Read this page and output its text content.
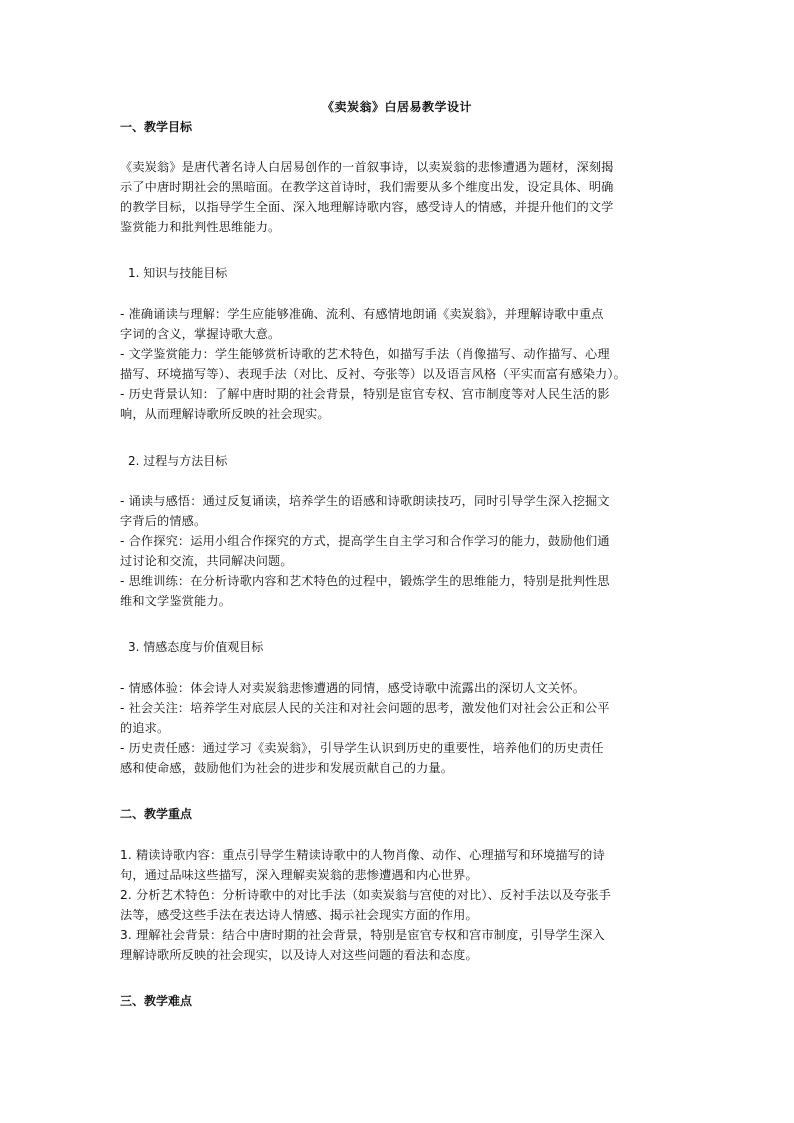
《卖炭翁》白居易教学设计
一、教学目标
《卖炭翁》是唐代著名诗人白居易创作的一首叙事诗，以卖炭翁的悲惨遭遇为题材，深刻揭
示了中唐时期社会的黑暗面。在教学这首诗时，我们需要从多个维度出发，设定具体、明确
的教学目标，以指导学生全面、深入地理解诗歌内容，感受诗人的情感，并提升他们的文学
鉴赏能力和批判性思维能力。
1. 知识与技能目标
- 准确诵读与理解：学生应能够准确、流利、有感情地朗诵《卖炭翁》，并理解诗歌中重点
字词的含义，掌握诗歌大意。
- 文学鉴赏能力：学生能够赏析诗歌的艺术特色，如描写手法（肖像描写、动作描写、心理
描写、环境描写等）、表现手法（对比、反衬、夸张等）以及语言风格（平实而富有感染力）。
- 历史背景认知：了解中唐时期的社会背景，特别是宦官专权、宫市制度等对人民生活的影
响，从而理解诗歌所反映的社会现实。
2. 过程与方法目标
- 诵读与感悟：通过反复诵读，培养学生的语感和诗歌朗读技巧，同时引导学生深入挖掘文
字背后的情感。
- 合作探究：运用小组合作探究的方式，提高学生自主学习和合作学习的能力，鼓励他们通
过讨论和交流，共同解决问题。
- 思维训练：在分析诗歌内容和艺术特色的过程中，锻炼学生的思维能力，特别是批判性思
维和文学鉴赏能力。
3. 情感态度与价值观目标
- 情感体验：体会诗人对卖炭翁悲惨遭遇的同情，感受诗歌中流露出的深切人文关怀。
- 社会关注：培养学生对底层人民的关注和对社会问题的思考，激发他们对社会公正和公平
的追求。
- 历史责任感：通过学习《卖炭翁》，引导学生认识到历史的重要性，培养他们的历史责任
感和使命感，鼓励他们为社会的进步和发展贡献自己的力量。
二、教学重点
1. 精读诗歌内容：重点引导学生精读诗歌中的人物肖像、动作、心理描写和环境描写的诗
句，通过品味这些描写，深入理解卖炭翁的悲惨遭遇和内心世界。
2. 分析艺术特色：分析诗歌中的对比手法（如卖炭翁与宫使的对比）、反衬手法以及夸张手
法等，感受这些手法在表达诗人情感、揭示社会现实方面的作用。
3. 理解社会背景：结合中唐时期的社会背景，特别是宦官专权和宫市制度，引导学生深入
理解诗歌所反映的社会现实，以及诗人对这些问题的看法和态度。
三、教学难点
